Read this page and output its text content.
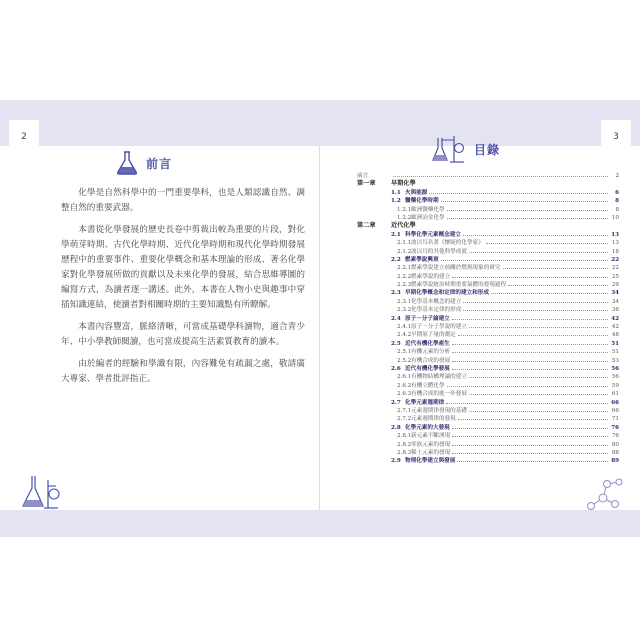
2	3
前言

化學是自然科學中的一門重要學科，也是人類認識自然、調整自然的重要武器。

本書從化學發展的歷史長卷中剪裁出較為重要的片段，對化學萌芽時期、古代化學時期、近代化學時期和現代化學時期發展歷程中的重要事件、重要化學概念和基本理論的形成、著名化學家對化學發展所做的貢獻以及未來化學的發展，結合思維導圖的編寫方式，為讀者逐一講述。此外，本書在人物小史與趣事中穿插知識連結，使讀者對相關時期的主要知識點有所瞭解。

本書內容豐富，脈絡清晰，可當成基礎學科讀物，適合青少年、中小學教師閱讀，也可當成提高生活素質教育的讀本。

由於編者的經驗和學識有限，內容難免有疏漏之處，敬請廣大專家、學者批評指正。

目錄
前言	2
第一章	早期化學
1.1 火與能源	6
1.2 醫藥化學時期	8
1.2.1 歐洲醫藥化學	8
1.2.2 歐洲冶金化學	10
第二章	近代化學
2.1 科學化學元素概念建立	13
2.1.1 波以耳名著《懷疑的化學家》	13
2.1.2 波以耳的其他科學成就	18
2.2 燃素學說興衰	22
2.2.1 燃素學說建立前關於燃燒現象的研究	22
2.2.2 燃素學說的建立	25
2.2.3 燃素學說統治時期重要氣體的發現過程	29
2.3 早期化學概念和定律的建立和形成	34
2.3.1 化學基本概念的建立	34
2.3.2 化學基本定律的形成	36
2.4 原子－分子論建立	42
2.4.1 原子－分子學說的建立	42
2.4.2 早期原子量的測定	48
2.5 近代有機化學產生	51
2.5.1 有機元素的分析	51
2.5.2 有機合成的發展	53
2.6 近代有機化學發展	56
2.6.1 有機物結構理論的建立	56
2.6.2 有機立體化學	59
2.6.3 有機合成的進一步發展	61
2.7 化學元素週期律	66
2.7.1 元素週期律發現的基礎	66
2.7.2 元素週期律的發現	71
2.8 化學元素的大發現	76
2.8.1 新元素不斷湧現	76
2.8.2 零族元素的發現	80
2.8.3 稀土元素的發現	88
2.9 物理化學建立與發展	89
